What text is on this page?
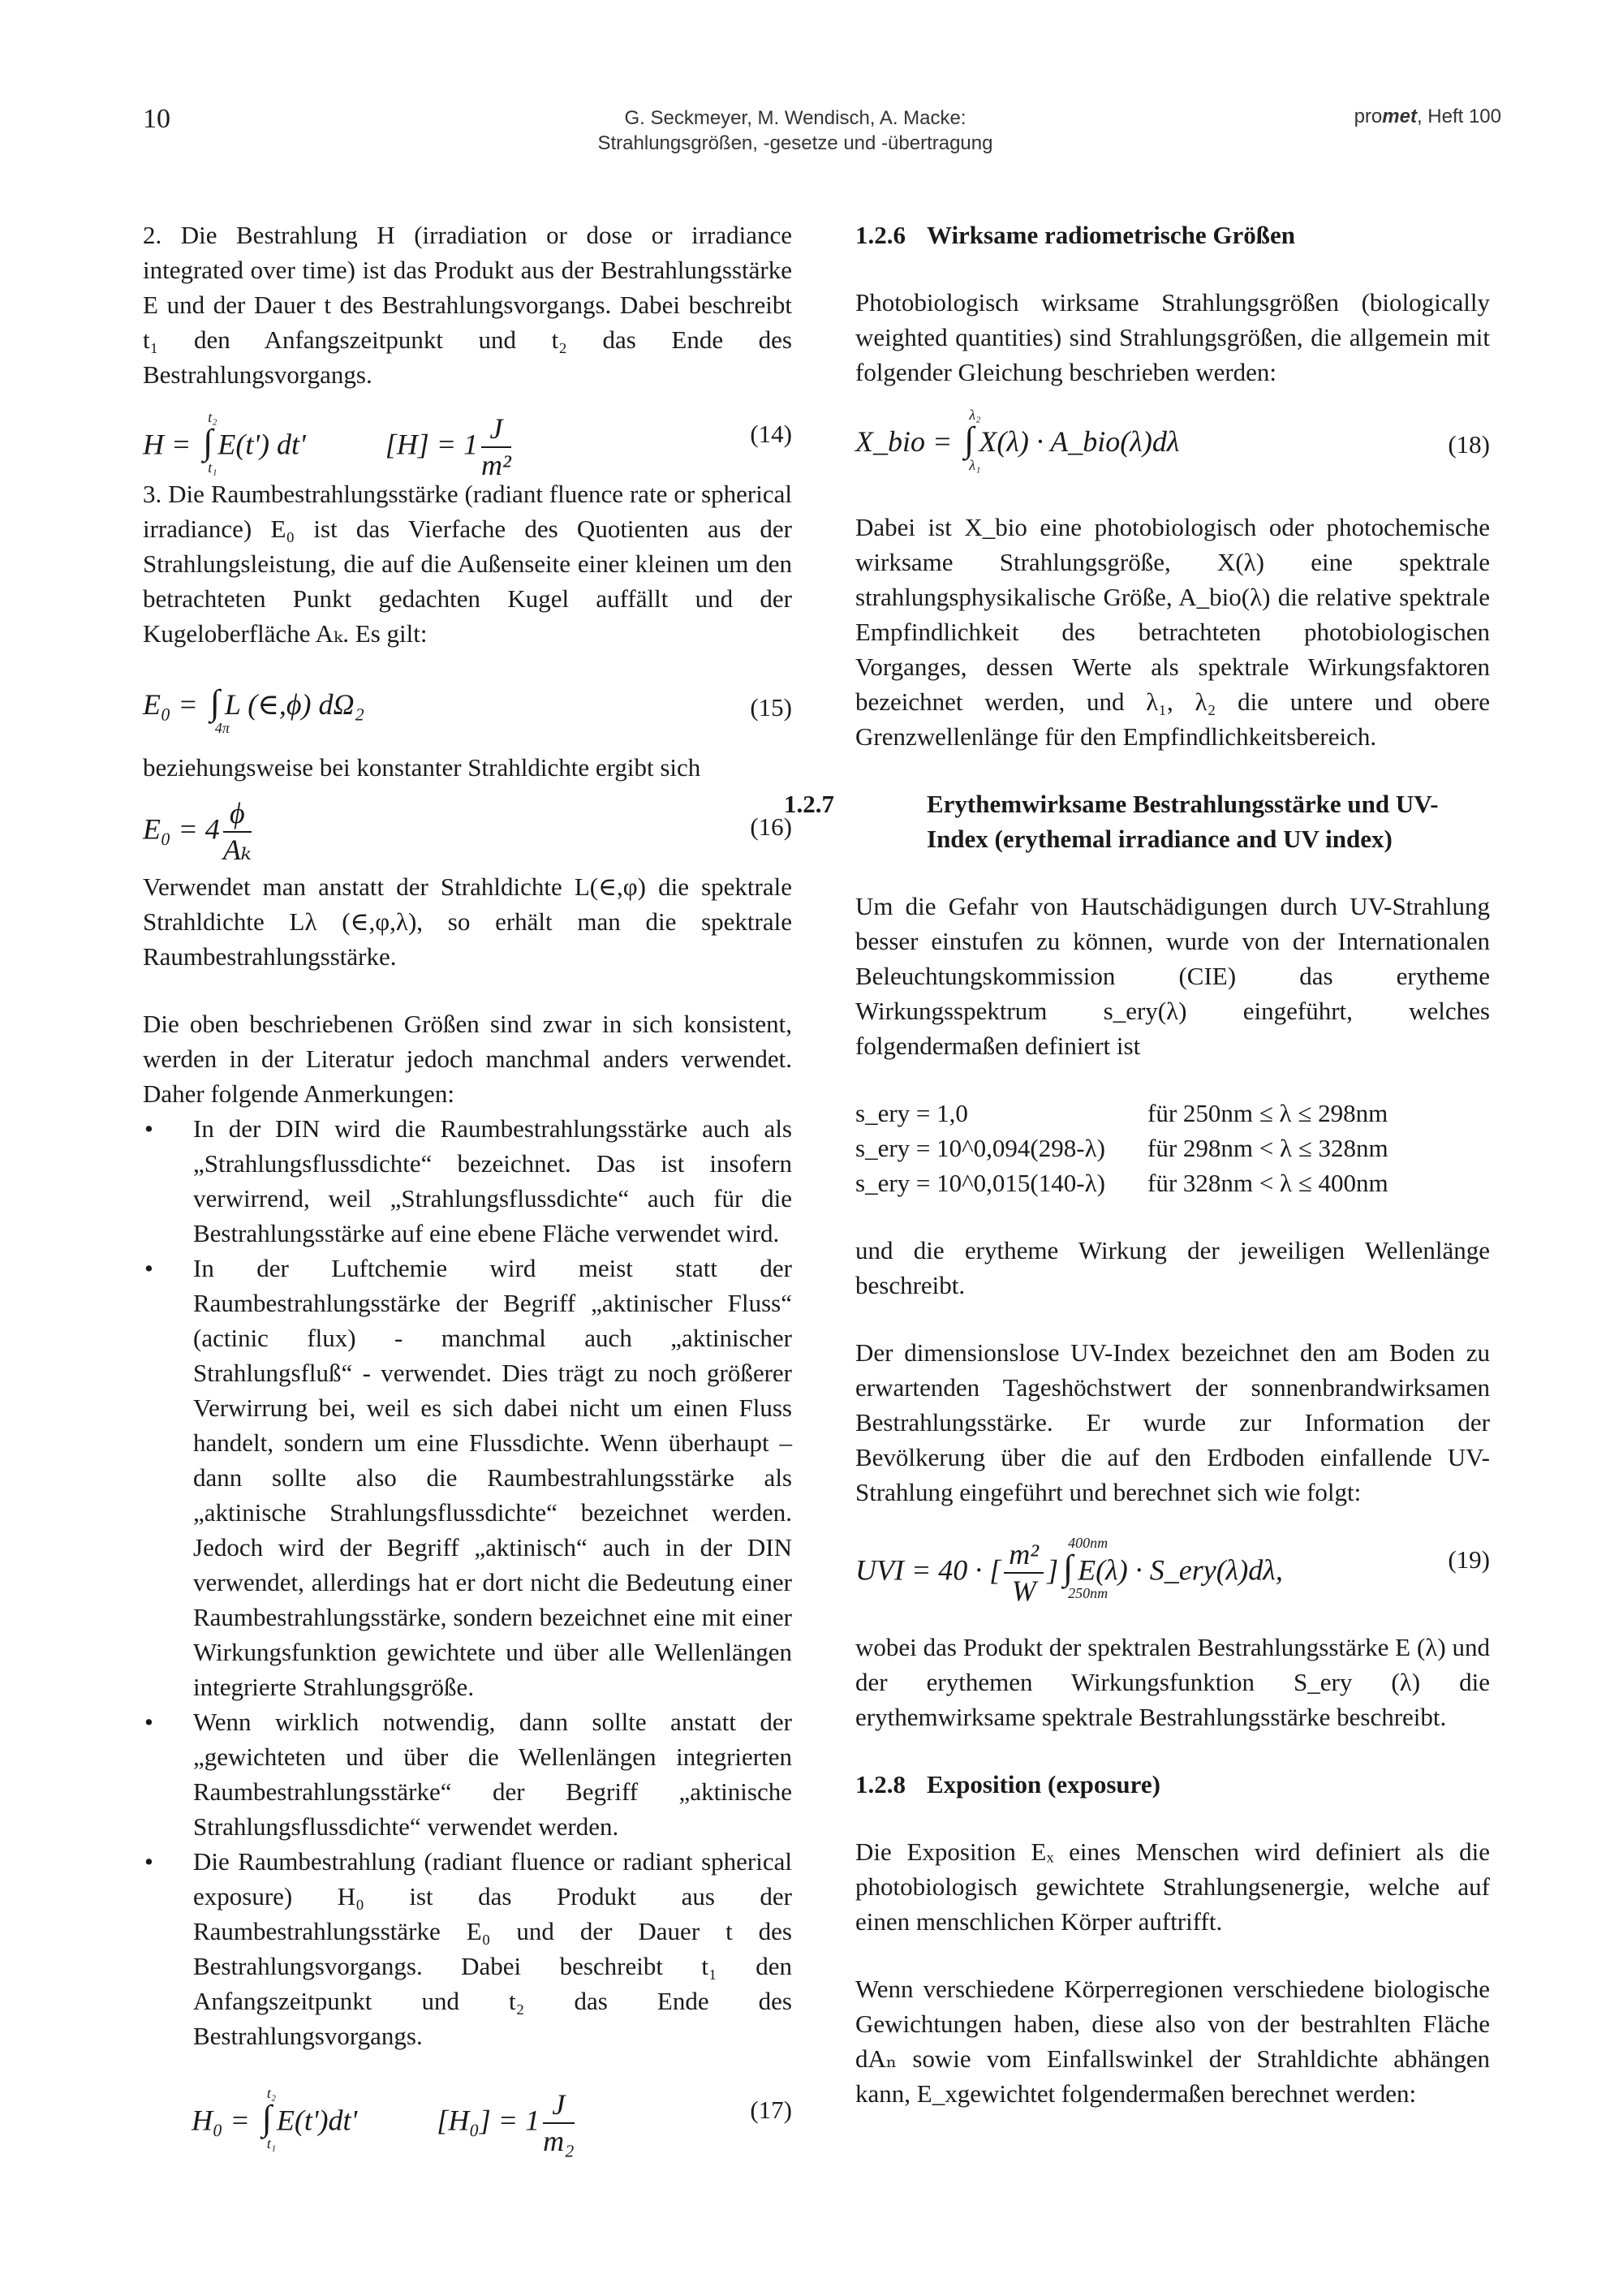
10	G. Seckmeyer, M. Wendisch, A. Macke:
Strahlungsgrößen, -gesetze und -übertragung
promet, Heft 100

2. Die Bestrahlung H (irradiation or dose or irradiance integrated over time) ist das Produkt aus der Bestrahlungsstärke E und der Dauer t des Bestrahlungsvorgangs. Dabei beschreibt t₁ den Anfangszeitpunkt und t₂ das Ende des Bestrahlungsvorgangs.

H = ∫
t₂
t₁
E(t') dt'	$[H] = 1 \frac{J}{\text{m²}}$	(14)

3. Die Raumbestrahlungsstärke (radiant fluence rate or spherical irradiance) E₀ ist das Vierfache des Quotienten aus der Strahlungsleistung, die auf die Außenseite einer kleinen um den betrachteten Punkt gedachten Kugel auffällt und der Kugeloberfläche Aₖ. Es gilt:

E₀ = ∫
4π
L (∈,ϕ) dΩ₂	(15)

beziehungsweise bei konstanter Strahldichte ergibt sich

$E_0 = 4 \frac{\phi}{\text{Aₖ}}$	(16)

Verwendet man anstatt der Strahldichte L(∈,φ) die spektrale Strahldichte Lλ (∈,φ,λ), so erhält man die spektrale Raumbestrahlungsstärke.

Die oben beschriebenen Größen sind zwar in sich konsistent, werden in der Literatur jedoch manchmal anders verwendet. Daher folgende Anmerkungen:

• In der DIN wird die Raumbestrahlungsstärke auch als „Strahlungsflussdichte“ bezeichnet. Das ist insofern verwirrend, weil „Strahlungsflussdichte“ auch für die Bestrahlungsstärke auf eine ebene Fläche verwendet wird.
• In der Luftchemie wird meist statt der Raumbestrahlungsstärke der Begriff „aktinischer Fluss“ (actinic flux) - manchmal auch „aktinischer Strahlungsfluß“ - verwendet. Dies trägt zu noch größerer Verwirrung bei, weil es sich dabei nicht um einen Fluss handelt, sondern um eine Flussdichte. Wenn überhaupt – dann sollte also die Raumbestrahlungsstärke als „aktinische Strahlungsflussdichte“ bezeichnet werden. Jedoch wird der Begriff „aktinisch“ auch in der DIN verwendet, allerdings hat er dort nicht die Bedeutung einer Raumbestrahlungsstärke, sondern bezeichnet eine mit einer Wirkungsfunktion gewichtete und über alle Wellenlängen integrierte Strahlungsgröße.
• Wenn wirklich notwendig, dann sollte anstatt der „gewichteten und über die Wellenlängen integrierten Raumbestrahlungsstärke“ der Begriff „aktinische Strahlungsflussdichte“ verwendet werden.
• Die Raumbestrahlung (radiant fluence or radiant spherical exposure) H₀ ist das Produkt aus der Raumbestrahlungsstärke E₀ und der Dauer t des Bestrahlungsvorgangs. Dabei beschreibt t₁ den Anfangszeitpunkt und t₂ das Ende des Bestrahlungsvorgangs.
H₀ = ∫
t₂
t₁
E(t')dt'	$[H_0] = 1 \frac{J}{\text{m₂}}$	(17)
1.2.6 Wirksame radiometrische Größen

Photobiologisch wirksame Strahlungsgrößen (biologically weighted quantities) sind Strahlungsgrößen, die allgemein mit folgender Gleichung beschrieben werden:

X_bio = ∫
λ₂
λ₁
X(λ) · A_bio(λ)dλ	(18)

Dabei ist X_bio eine photobiologisch oder photochemische wirksame Strahlungsgröße, X(λ) eine spektrale strahlungsphysikalische Größe, A_bio(λ) die relative spektrale Empfindlichkeit des betrachteten photobiologischen Vorganges, dessen Werte als spektrale Wirkungsfaktoren bezeichnet werden, und λ₁, λ₂ die untere und obere Grenzwellenlänge für den Empfindlichkeitsbereich.

1.2.7	Erythemwirksame Bestrahlungsstärke und UV-Index (erythemal irradiance and UV index)

Um die Gefahr von Hautschädigungen durch UV-Strahlung besser einstufen zu können, wurde von der Internationalen Beleuchtungskommission (CIE) das erytheme Wirkungsspektrum s_ery(λ) eingeführt, welches folgendermaßen definiert ist

s_ery = 1,0	für 250nm ≤ λ ≤ 298nm
s_ery = 10^0,094(298-λ)	für 298nm < λ ≤ 328nm
s_ery = 10^0,015(140-λ)	für 328nm < λ ≤ 400nm

und die erytheme Wirkung der jeweiligen Wellenlänge beschreibt.

Der dimensionslose UV-Index bezeichnet den am Boden zu erwartenden Tageshöchstwert der sonnenbrandwirksamen Bestrahlungsstärke. Er wurde zur Information der Bevölkerung über die auf den Erdboden einfallende UV-Strahlung eingeführt und berechnet sich wie folgt:

UVI = 40 · [ $\frac{\text{m²}}{W}$ ] ∫
400nm
250nm
E(λ) · S_ery(λ)dλ,	(19)

wobei das Produkt der spektralen Bestrahlungsstärke E (λ) und der erythemen Wirkungsfunktion S_ery (λ) die erythemwirksame spektrale Bestrahlungsstärke beschreibt.

1.2.8 Exposition (exposure)

Die Exposition Eₓ eines Menschen wird definiert als die photobiologisch gewichtete Strahlungsenergie, welche auf einen menschlichen Körper auftrifft.

Wenn verschiedene Körperregionen verschiedene biologische Gewichtungen haben, diese also von der bestrahlten Fläche dAₙ sowie vom Einfallswinkel der Strahldichte abhängen kann, E_xgewichtet folgendermaßen berechnet werden:
